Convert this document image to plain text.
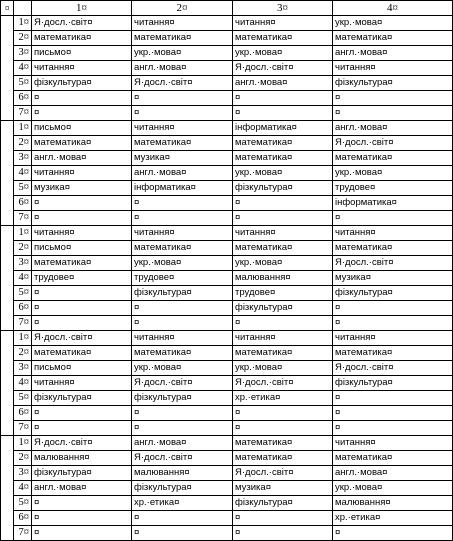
¤		1¤	2¤	3¤	4¤
	1¤	Я·досл.·світ¤	читання¤	читання¤	укр.·мова¤
	2¤	математика¤	математика¤	математика¤	математика¤
	3¤	письмо¤	укр.·мова¤	укр.·мова¤	англ.·мова¤
	4¤	читання¤	англ.·мова¤	Я·досл.·світ¤	читання¤
	5¤	фізкультура¤	Я·досл.·світ¤	англ.·мова¤	фізкультура¤
	6¤	¤	¤	¤	¤
	7¤	¤	¤	¤	¤
	1¤	письмо¤	читання¤	інформатика¤	англ.·мова¤
	2¤	математика¤	математика¤	математика¤	Я·досл.·світ¤
	3¤	англ.·мова¤	музика¤	математика¤	математика¤
	4¤	читання¤	англ.·мова¤	укр.·мова¤	укр.·мова¤
	5¤	музика¤	інформатика¤	фізкультура¤	трудове¤
	6¤	¤	¤	¤	інформатика¤
	7¤	¤	¤	¤	¤
	1¤	читання¤	читання¤	читання¤	читання¤
	2¤	письмо¤	математика¤	математика¤	математика¤
	3¤	математика¤	укр.·мова¤	укр.·мова¤	Я·досл.·світ¤
	4¤	трудове¤	трудове¤	малювання¤	музика¤
	5¤	¤	фізкультура¤	трудове¤	фізкультура¤
	6¤	¤	¤	фізкультура¤	¤
	7¤	¤	¤	¤	¤
	1¤	Я·досл.·світ¤	читання¤	читання¤	читання¤
	2¤	математика¤	математика¤	математика¤	математика¤
	3¤	письмо¤	укр.·мова¤	укр.·мова¤	Я·досл.·світ¤
	4¤	читання¤	Я·досл.·світ¤	Я·досл.·світ¤	фізкультура¤
	5¤	фізкультура¤	фізкультура¤	хр.·етика¤	¤
	6¤	¤	¤	¤	¤
	7¤	¤	¤	¤	¤
	1¤	Я·досл.·світ¤	англ.·мова¤	математика¤	читання¤
	2¤	малювання¤	Я·досл.·світ¤	математика¤	математика¤
	3¤	фізкультура¤	малювання¤	Я·досл.·світ¤	англ.·мова¤
	4¤	англ.·мова¤	фізкультура¤	музика¤	укр.·мова¤
	5¤	¤	хр.·етика¤	фізкультура¤	малювання¤
	6¤	¤	¤	¤	хр.·етика¤
	7¤	¤	¤	¤	¤
